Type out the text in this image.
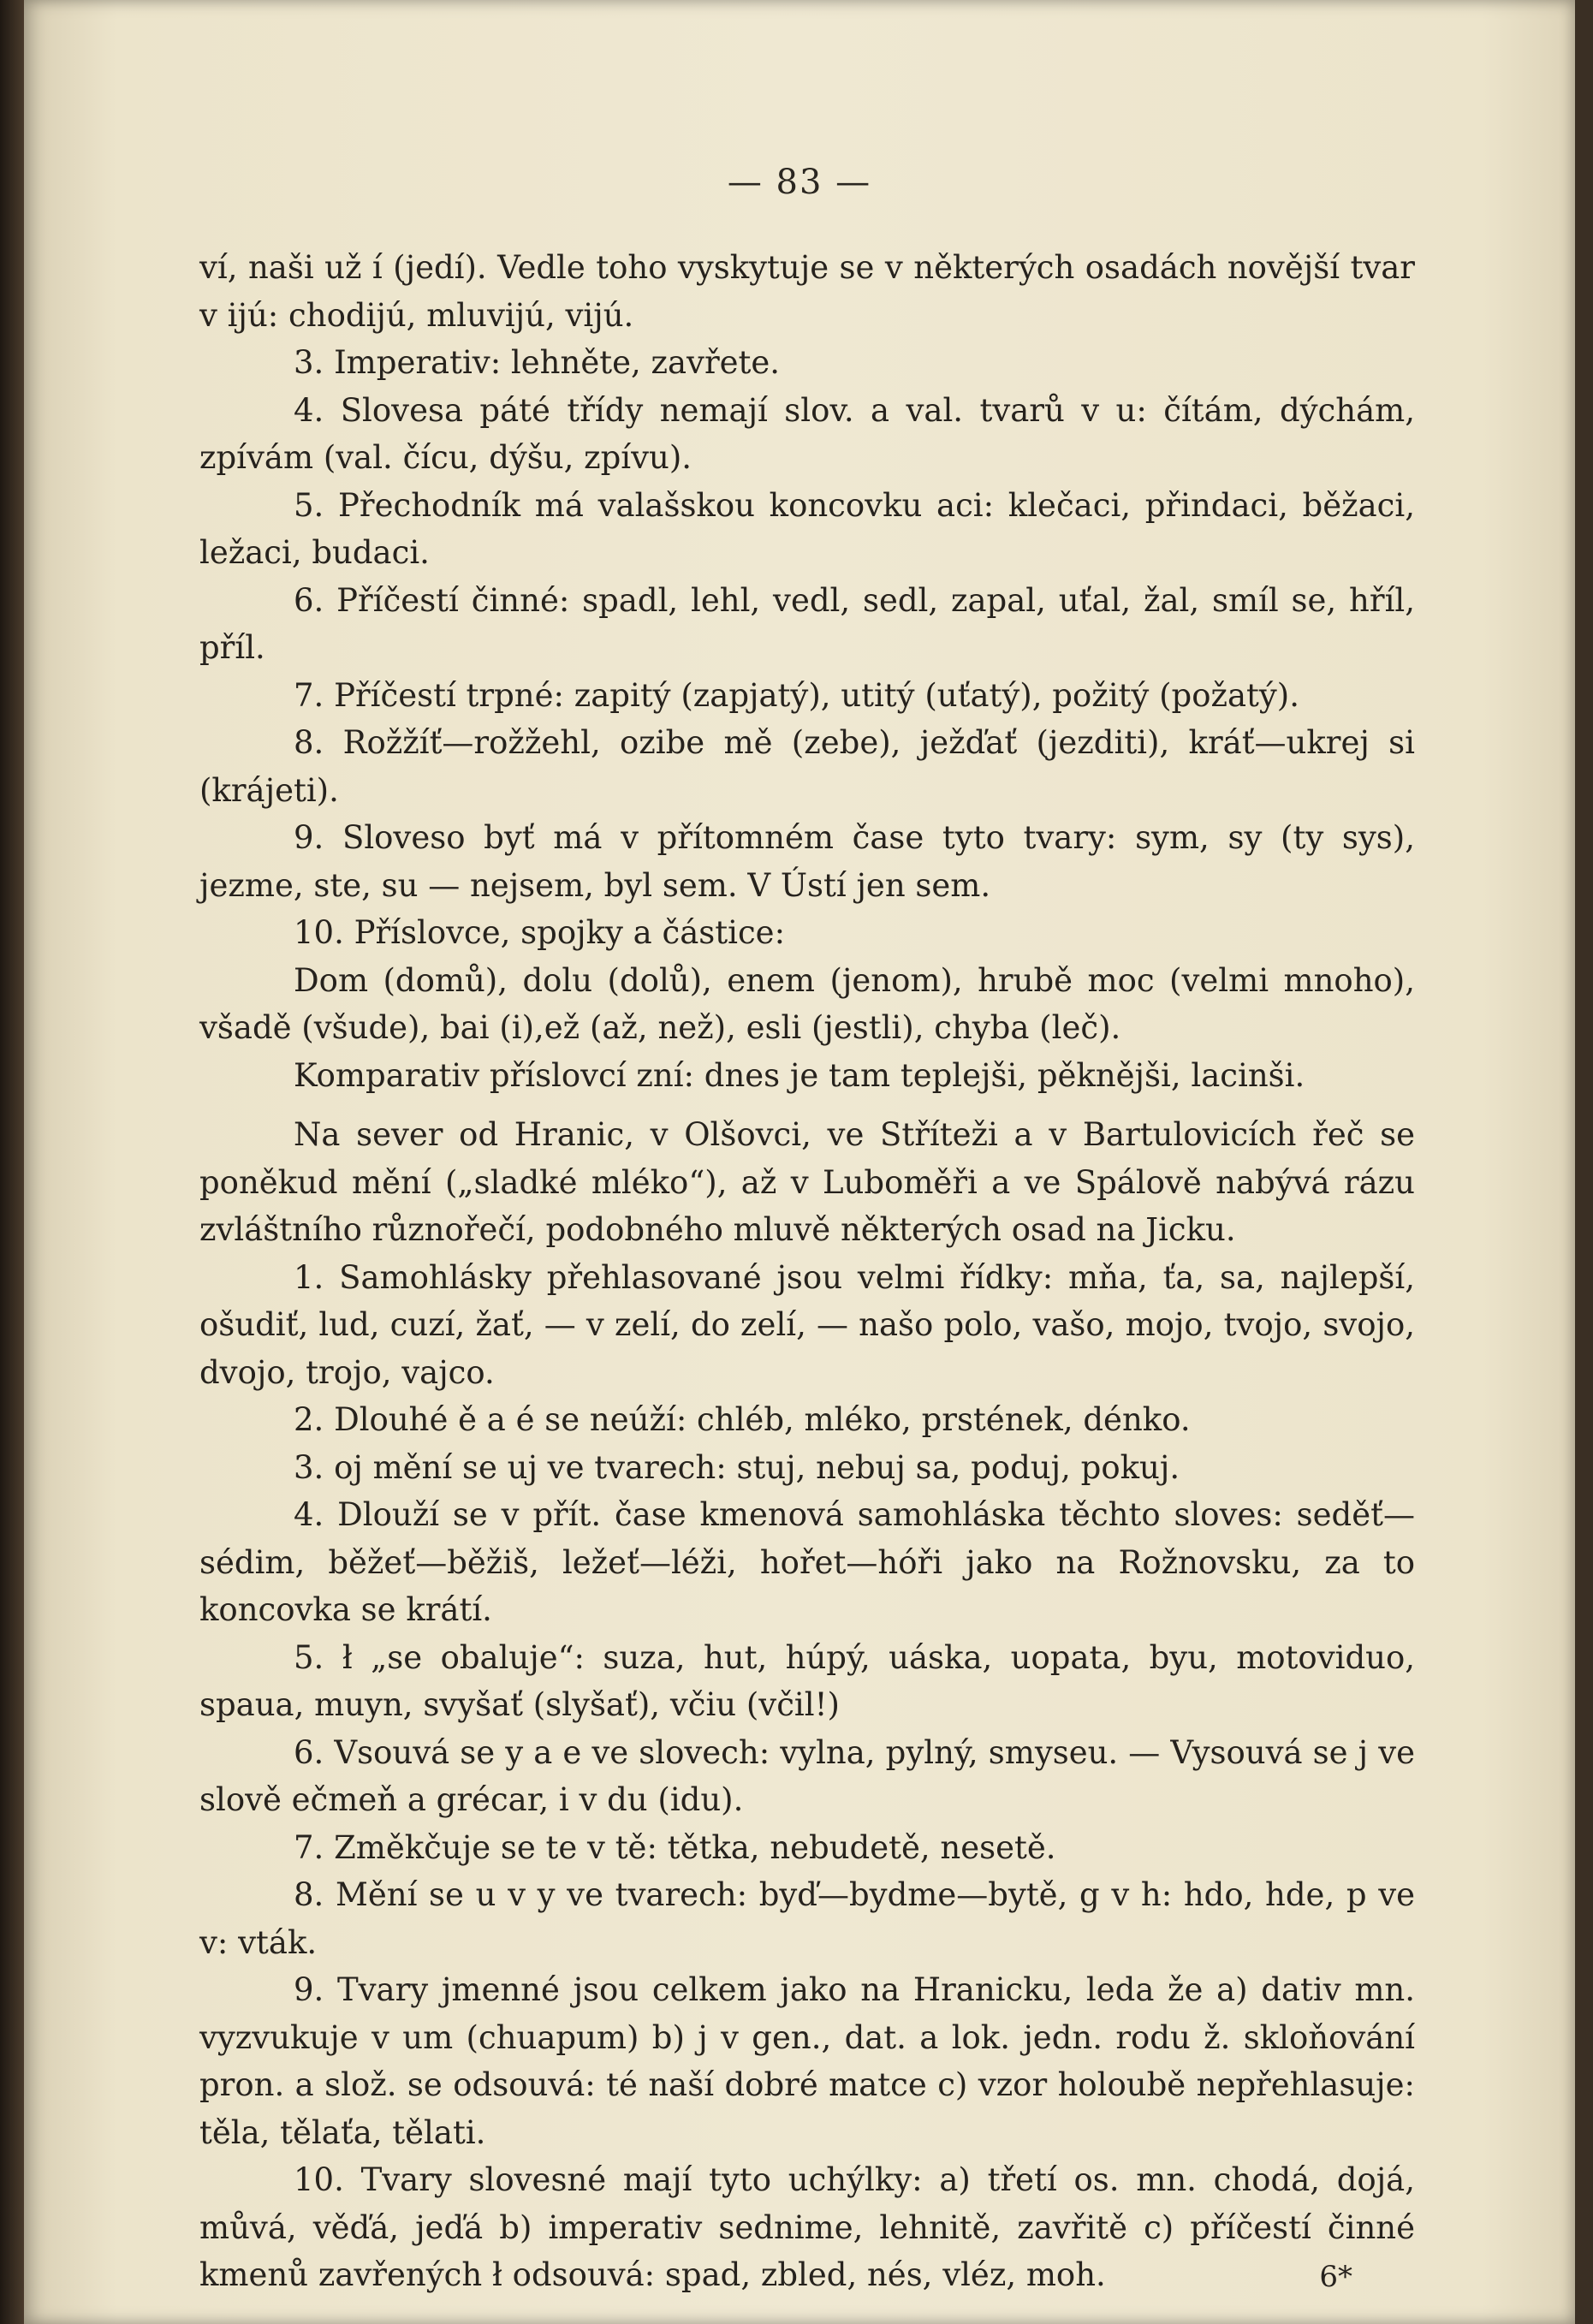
— 83 —

ví, naši už í (jedí). Vedle toho vyskytuje se v některých osadách novější tvar v ijú: chodijú, mluvijú, vijú.

3. Imperativ: lehněte, zavřete.

4. Slovesa páté třídy nemají slov. a val. tvarů v u: čítám, dýchám, zpívám (val. čícu, dýšu, zpívu).

5. Přechodník má valašskou koncovku aci: klečaci, přindaci, běžaci, ležaci, budaci.

6. Příčestí činné: spadl, lehl, vedl, sedl, zapal, uťal, žal, smíl se, hříl, příl.

7. Příčestí trpné: zapitý (zapjatý), utitý (uťatý), požitý (požatý).

8. Rožžíť—rožžehl, ozibe mě (zebe), ježďať (jezditi), kráť—ukrej si (krájeti).

9. Sloveso byť má v přítomném čase tyto tvary: sym, sy (ty sys), jezme, ste, su — nejsem, byl sem. V Ústí jen sem.

10. Příslovce, spojky a částice:

Dom (domů), dolu (dolů), enem (jenom), hrubě moc (velmi mnoho), všadě (všude), bai (i),ež (až, než), esli (jestli), chyba (leč).

Komparativ příslovcí zní: dnes je tam teplejši, pěknějši, lacinši.

Na sever od Hranic, v Olšovci, ve Stříteži a v Bartulovicích řeč se poněkud mění („sladké mléko“), až v Luboměři a ve Spálově nabývá rázu zvláštního různořečí, podobného mluvě některých osad na Jicku.

1. Samohlásky přehlasované jsou velmi řídky: mňa, ťa, sa, najlepší, ošudiť, lud, cuzí, žať, — v zelí, do zelí, — našo polo, vašo, mojo, tvojo, svojo, dvojo, trojo, vajco.

2. Dlouhé ě a é se neúží: chléb, mléko, prstének, dénko.

3. oj mění se uj ve tvarech: stuj, nebuj sa, poduj, pokuj.

4. Dlouží se v přít. čase kmenová samohláska těchto sloves: seděť—sédim, běžeť—běžiš, ležeť—léži, hořet—hóři jako na Rožnovsku, za to koncovka se krátí.

5. ł „se obaluje“: suza, hut, húpý, uáska, uopata, byu, motoviduo, spaua, muyn, svyšať (slyšať), včiu (včil!)

6. Vsouvá se y a e ve slovech: vylna, pylný, smyseu. — Vysouvá se j ve slově ečmeň a grécar, i v du (idu).

7. Změkčuje se te v tě: tětka, nebudetě, nesetě.

8. Mění se u v y ve tvarech: byď—bydme—bytě, g v h: hdo, hde, p ve v: vták.

9. Tvary jmenné jsou celkem jako na Hranicku, leda že a) dativ mn. vyzvukuje v um (chuapum) b) j v gen., dat. a lok. jedn. rodu ž. skloňování pron. a slož. se odsouvá: té naší dobré matce c) vzor holoubě nepřehlasuje: těla, tělaťa, tělati.

10. Tvary slovesné mají tyto uchýlky: a) třetí os. mn. chodá, dojá, můvá, věďá, jeďá b) imperativ sednime, lehnitě, zavřitě c) příčestí činné kmenů zavřených ł odsouvá: spad, zbled, nés, vléz, moh.	6*
